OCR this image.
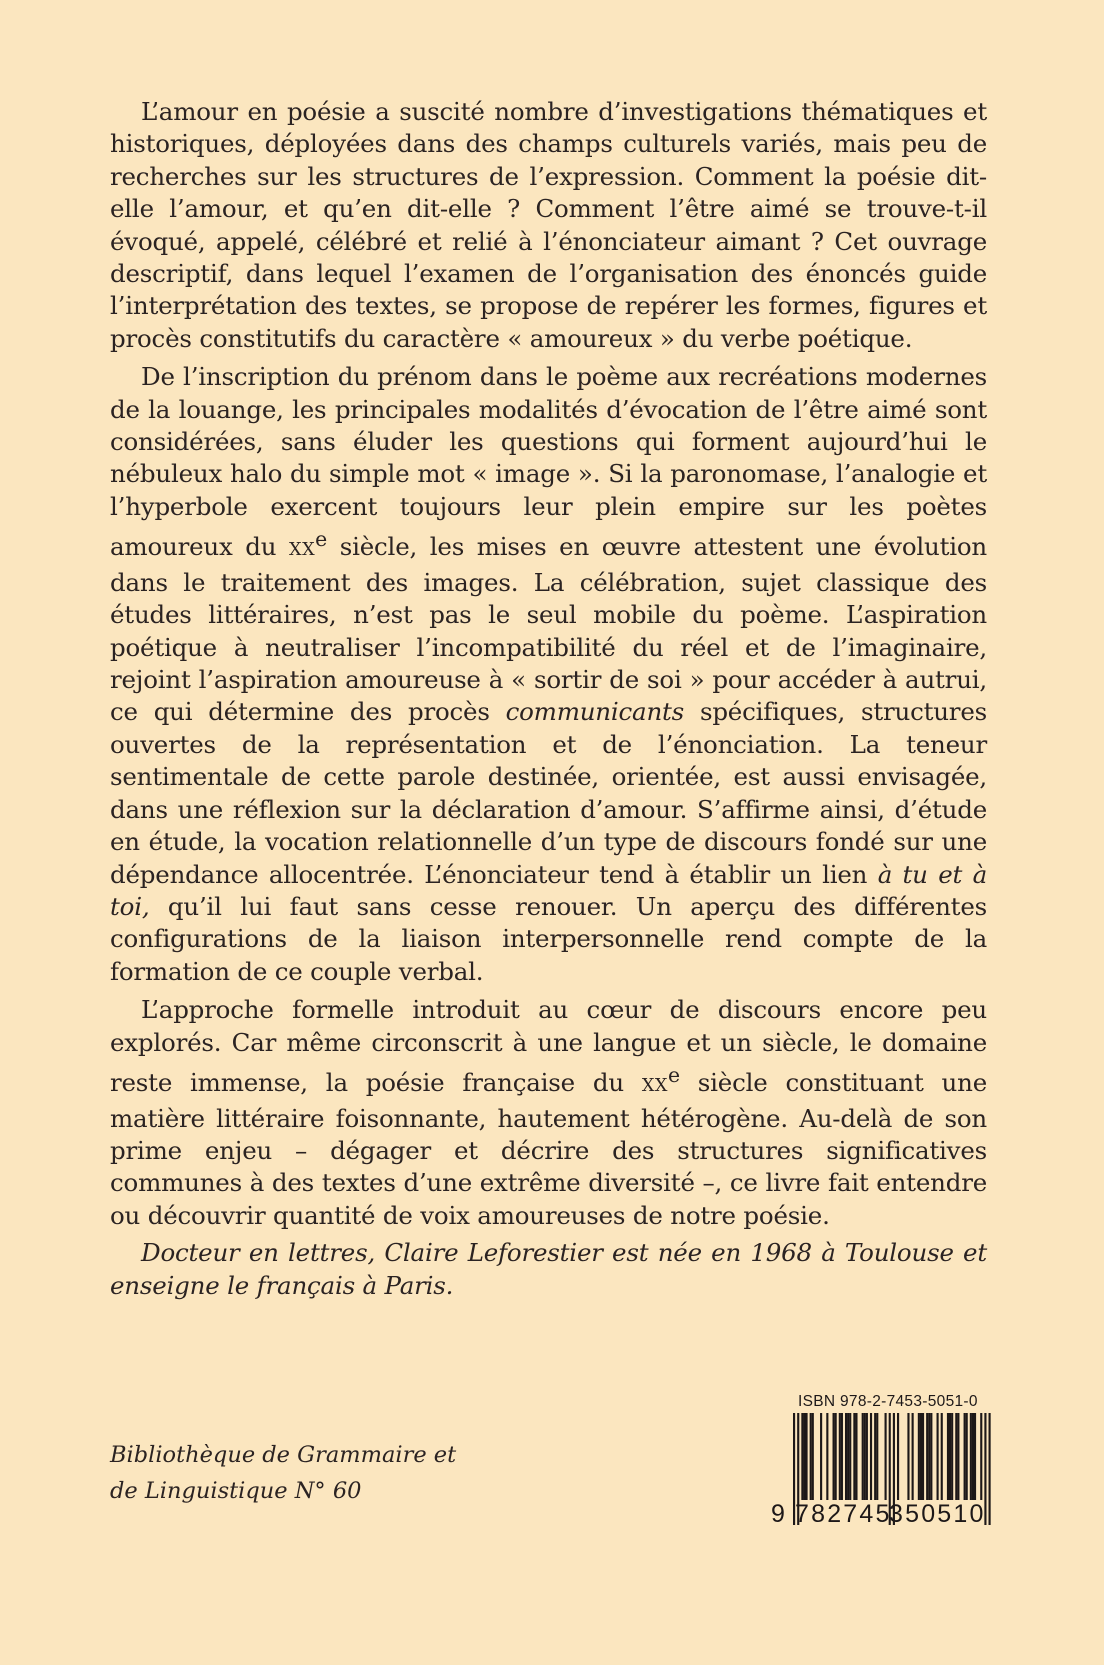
L’amour en poésie a suscité nombre d’investigations thématiques et historiques, déployées dans des champs culturels variés, mais peu de recherches sur les structures de l’expression. Comment la poésie dit-elle l’amour, et qu’en dit-elle ? Comment l’être aimé se trouve-t-il évoqué, appelé, célébré et relié à l’énonciateur aimant ? Cet ouvrage descriptif, dans lequel l’examen de l’organisation des énoncés guide l’interprétation des textes, se propose de repérer les formes, figures et procès constitutifs du caractère « amoureux » du verbe poétique.

De l’inscription du prénom dans le poème aux recréations modernes de la louange, les principales modalités d’évocation de l’être aimé sont considérées, sans éluder les questions qui forment aujourd’hui le nébuleux halo du simple mot « image ». Si la paronomase, l’analogie et l’hyperbole exercent toujours leur plein empire sur les poètes amoureux du XXe siècle, les mises en œuvre attestent une évolution dans le traitement des images. La célébration, sujet classique des études littéraires, n’est pas le seul mobile du poème. L’aspiration poétique à neutraliser l’incompatibilité du réel et de l’imaginaire, rejoint l’aspiration amoureuse à « sortir de soi » pour accéder à autrui, ce qui détermine des procès communicants spécifiques, structures ouvertes de la représentation et de l’énonciation. La teneur sentimentale de cette parole destinée, orientée, est aussi envisagée, dans une réflexion sur la déclaration d’amour. S’affirme ainsi, d’étude en étude, la vocation relationnelle d’un type de discours fondé sur une dépendance allocentrée. L’énonciateur tend à établir un lien à tu et à toi, qu’il lui faut sans cesse renouer. Un aperçu des différentes configurations de la liaison interpersonnelle rend compte de la formation de ce couple verbal.

L’approche formelle introduit au cœur de discours encore peu explorés. Car même circonscrit à une langue et un siècle, le domaine reste immense, la poésie française du XXe siècle constituant une matière littéraire foisonnante, hautement hétérogène. Au-delà de son prime enjeu – dégager et décrire des structures significatives communes à des textes d’une extrême diversité –, ce livre fait entendre ou découvrir quantité de voix amoureuses de notre poésie.

Docteur en lettres, Claire Leforestier est née en 1968 à Toulouse et enseigne le français à Paris.
Bibliothèque de Grammaire et
de Linguistique N° 60
ISBN 978-2-7453-5051-0
9 782745
350510
